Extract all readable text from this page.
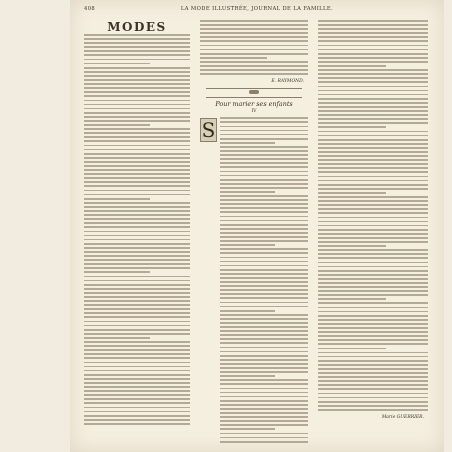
408	LA MODE ILLUSTRÉE, JOURNAL DE LA FAMILLE.
MODES
E. RAYMOND.
Pour marier ses enfants
IV
S
Marie GUERRIER.
